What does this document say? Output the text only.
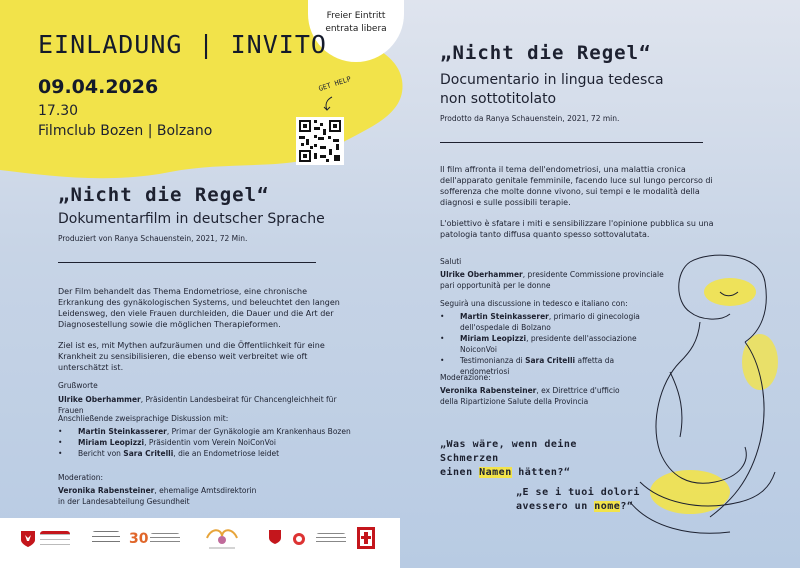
Freier Eintritt
entrata libera
EINLADUNG | INVITO
09.04.2026
17.30
Filmclub Bozen | Bolzano
GET HELP
„Nicht die Regel“
Dokumentarfilm in deutscher Sprache
Produziert von Ranya Schauenstein, 2021, 72 Min.
Der Film behandelt das Thema Endometriose, eine chronische Erkrankung des gynäkologischen Systems, und beleuchtet den langen Leidensweg, den viele Frauen durchleiden, die Dauer und die Art der Diagnosestellung sowie die möglichen Therapieformen.
Ziel ist es, mit Mythen aufzuräumen und die Öffentlichkeit für eine Krankheit zu sensibilisieren, die ebenso weit verbreitet wie oft unterschätzt ist.
Grußworte
Ulrike Oberhammer, Präsidentin Landesbeirat für Chancengleichheit für Frauen
Anschließende zweisprachige Diskussion mit:
• Martin Steinkasserer, Primar der Gynäkologie am Krankenhaus Bozen
• Miriam Leopizzi, Präsidentin vom Verein NoiConVoi
• Bericht von Sara Critelli, die an Endometriose leidet
Moderation:
Veronika Rabensteiner, ehemalige Amtsdirektorin
in der Landesabteilung Gesundheit
„Nicht die Regel“
Documentario in lingua tedesca
non sottotitolato
Prodotto da Ranya Schauenstein, 2021, 72 min.
Il film affronta il tema dell'endometriosi, una malattia cronica dell'apparato genitale femminile, facendo luce sul lungo percorso di sofferenza che molte donne vivono, sui tempi e le modalità della diagnosi e sulle possibili terapie.
L'obiettivo è sfatare i miti e sensibilizzare l'opinione pubblica su una patologia tanto diffusa quanto spesso sottovalutata.
Saluti
Ulrike Oberhammer, presidente Commissione provinciale pari opportunità per le donne
Seguirà una discussione in tedesco e italiano con:
• Martin Steinkasserer, primario di ginecologia dell'ospedale di Bolzano
• Miriam Leopizzi, presidente dell'associazione NoiconVoi
• Testimonianza di Sara Critelli affetta da endometriosi
Moderazione:
Veronika Rabensteiner, ex Direttrice d'ufficio della Ripartizione Salute della Provincia
„Was wäre, wenn deine Schmerzen
einen Namen hätten?“
„E se i tuoi dolori
avessero un nome?“
30
